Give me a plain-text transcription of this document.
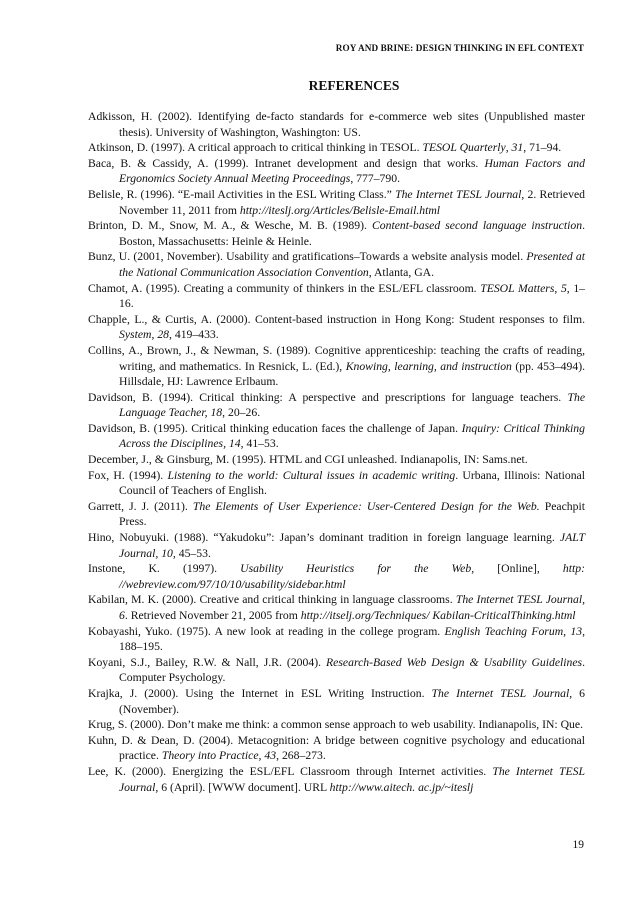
ROY AND BRINE: DESIGN THINKING IN EFL CONTEXT
REFERENCES

Adkisson, H. (2002). Identifying de-facto standards for e-commerce web sites (Unpublished master thesis). University of Washington, Washington: US.

Atkinson, D. (1997). A critical approach to critical thinking in TESOL. TESOL Quarterly, 31, 71–94.

Baca, B. & Cassidy, A. (1999). Intranet development and design that works. Human Factors and Ergonomics Society Annual Meeting Proceedings, 777–790.

Belisle, R. (1996). “E-mail Activities in the ESL Writing Class.” The Internet TESL Journal, 2. Retrieved November 11, 2011 from http://iteslj.org/Articles/Belisle-Email.html

Brinton, D. M., Snow, M. A., & Wesche, M. B. (1989). Content-based second language instruction. Boston, Massachusetts: Heinle & Heinle.

Bunz, U. (2001, November). Usability and gratifications–Towards a website analysis model. Presented at the National Communication Association Convention, Atlanta, GA.

Chamot, A. (1995). Creating a community of thinkers in the ESL/EFL classroom. TESOL Matters, 5, 1–16.

Chapple, L., & Curtis, A. (2000). Content-based instruction in Hong Kong: Student responses to film. System, 28, 419–433.

Collins, A., Brown, J., & Newman, S. (1989). Cognitive apprenticeship: teaching the crafts of reading, writing, and mathematics. In Resnick, L. (Ed.), Knowing, learning, and instruction (pp. 453–494). Hillsdale, HJ: Lawrence Erlbaum.

Davidson, B. (1994). Critical thinking: A perspective and prescriptions for language teachers. The Language Teacher, 18, 20–26.

Davidson, B. (1995). Critical thinking education faces the challenge of Japan. Inquiry: Critical Thinking Across the Disciplines, 14, 41–53.

December, J., & Ginsburg, M. (1995). HTML and CGI unleashed. Indianapolis, IN: Sams.net.

Fox, H. (1994). Listening to the world: Cultural issues in academic writing. Urbana, Illinois: National Council of Teachers of English.

Garrett, J. J. (2011). The Elements of User Experience: User-Centered Design for the Web. Peachpit Press.

Hino, Nobuyuki. (1988). “Yakudoku”: Japan’s dominant tradition in foreign language learning. JALT Journal, 10, 45–53.

Instone, K. (1997). Usability Heuristics for the Web, [Online], http: //webreview.com/97/10/10/usability/sidebar.html

Kabilan, M. K. (2000). Creative and critical thinking in language classrooms. The Internet TESL Journal, 6. Retrieved November 21, 2005 from http://itselj.org/Techniques/ Kabilan-CriticalThinking.html

Kobayashi, Yuko. (1975). A new look at reading in the college program. English Teaching Forum, 13, 188–195.

Koyani, S.J., Bailey, R.W. & Nall, J.R. (2004). Research-Based Web Design & Usability Guidelines. Computer Psychology.

Krajka, J. (2000). Using the Internet in ESL Writing Instruction. The Internet TESL Journal, 6 (November).

Krug, S. (2000). Don’t make me think: a common sense approach to web usability. Indianapolis, IN: Que.

Kuhn, D. & Dean, D. (2004). Metacognition: A bridge between cognitive psychology and educational practice. Theory into Practice, 43, 268–273.

Lee, K. (2000). Energizing the ESL/EFL Classroom through Internet activities. The Internet TESL Journal, 6 (April). [WWW document]. URL http://www.aitech. ac.jp/~iteslj

19
